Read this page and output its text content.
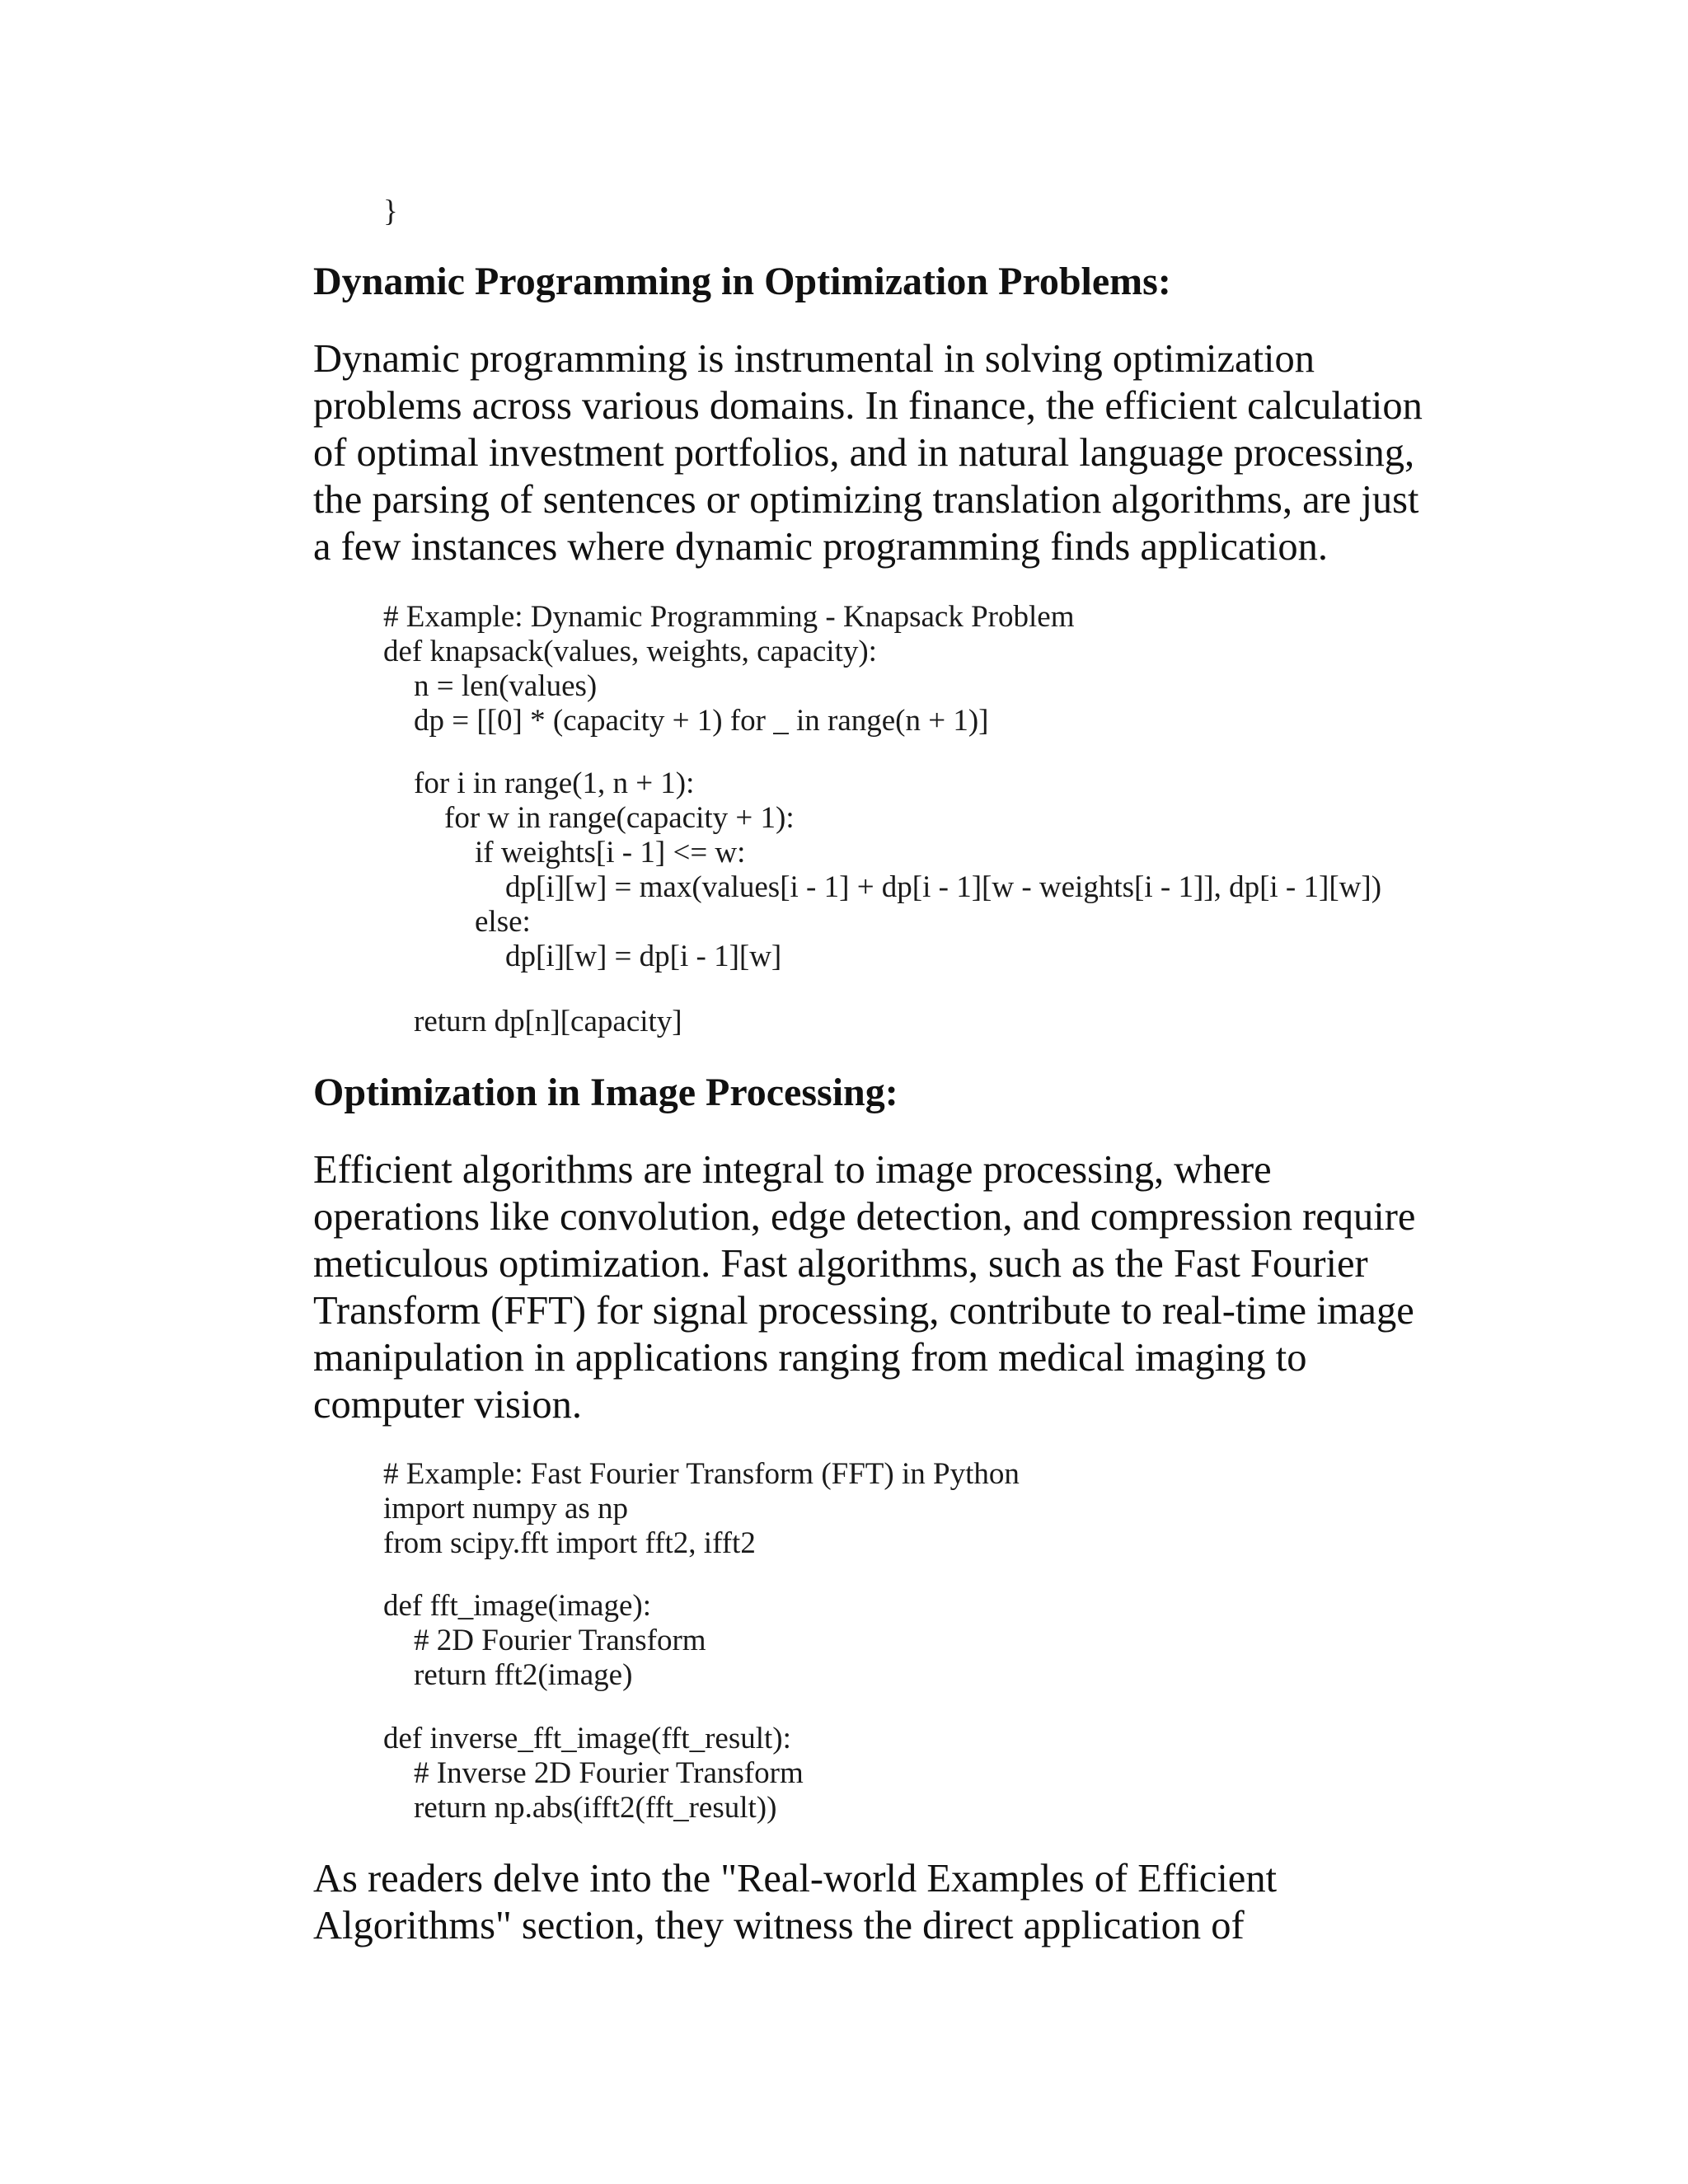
}
Dynamic Programming in Optimization Problems:
Dynamic programming is instrumental in solving optimization
problems across various domains. In finance, the efficient calculation
of optimal investment portfolios, and in natural language processing,
the parsing of sentences or optimizing translation algorithms, are just
a few instances where dynamic programming finds application.
# Example: Dynamic Programming - Knapsack Problem
def knapsack(values, weights, capacity):
n = len(values)
dp = [[0] * (capacity + 1) for _ in range(n + 1)]
for i in range(1, n + 1):
for w in range(capacity + 1):
if weights[i - 1] <= w:
dp[i][w] = max(values[i - 1] + dp[i - 1][w - weights[i - 1]], dp[i - 1][w])
else:
dp[i][w] = dp[i - 1][w]
return dp[n][capacity]
Optimization in Image Processing:
Efficient algorithms are integral to image processing, where
operations like convolution, edge detection, and compression require
meticulous optimization. Fast algorithms, such as the Fast Fourier
Transform (FFT) for signal processing, contribute to real-time image
manipulation in applications ranging from medical imaging to
computer vision.
# Example: Fast Fourier Transform (FFT) in Python
import numpy as np
from scipy.fft import fft2, ifft2
def fft_image(image):
# 2D Fourier Transform
return fft2(image)
def inverse_fft_image(fft_result):
# Inverse 2D Fourier Transform
return np.abs(ifft2(fft_result))
As readers delve into the "Real-world Examples of Efficient
Algorithms" section, they witness the direct application of
